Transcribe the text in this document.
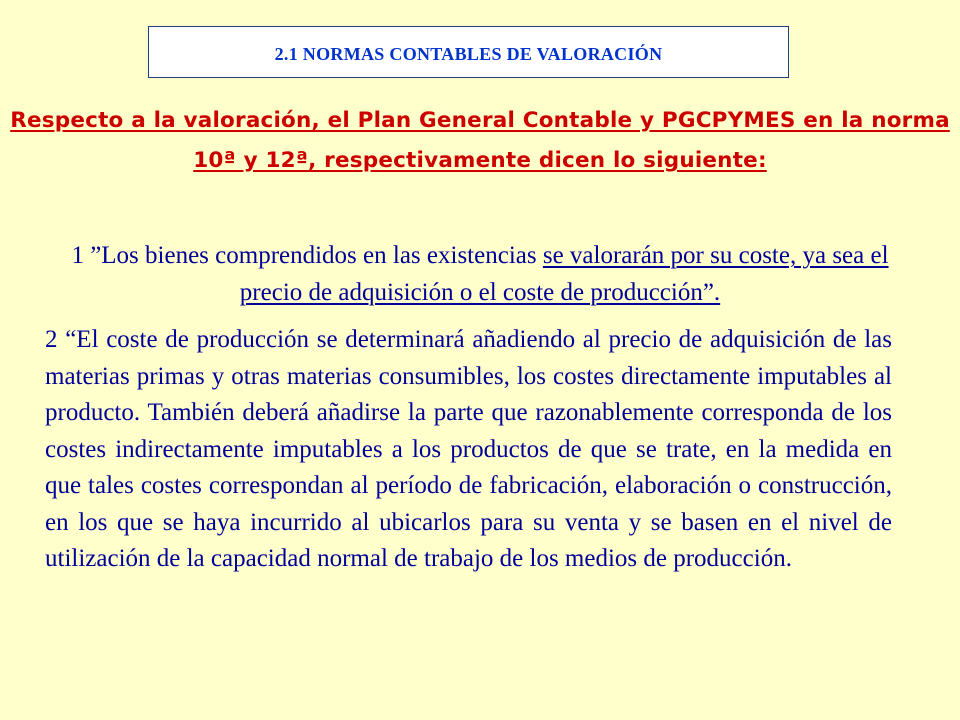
2.1 NORMAS CONTABLES DE VALORACIÓN
Respecto a la valoración, el Plan General Contable y PGCPYMES en la norma 10ª y 12ª, respectivamente dicen lo siguiente:
1 ”Los bienes comprendidos en las existencias se valorarán por su coste, ya sea el precio de adquisición o el coste de producción”.
2 “El coste de producción se determinará añadiendo al precio de adquisición de las materias primas y otras materias consumibles, los costes directamente imputables al producto. También deberá añadirse la parte que razonablemente corresponda de los costes indirectamente imputables a los productos de que se trate, en la medida en que tales costes correspondan al período de fabricación, elaboración o construcción, en los que se haya incurrido al ubicarlos para su venta y se basen en el nivel de utilización de la capacidad normal de trabajo de los medios de producción.
